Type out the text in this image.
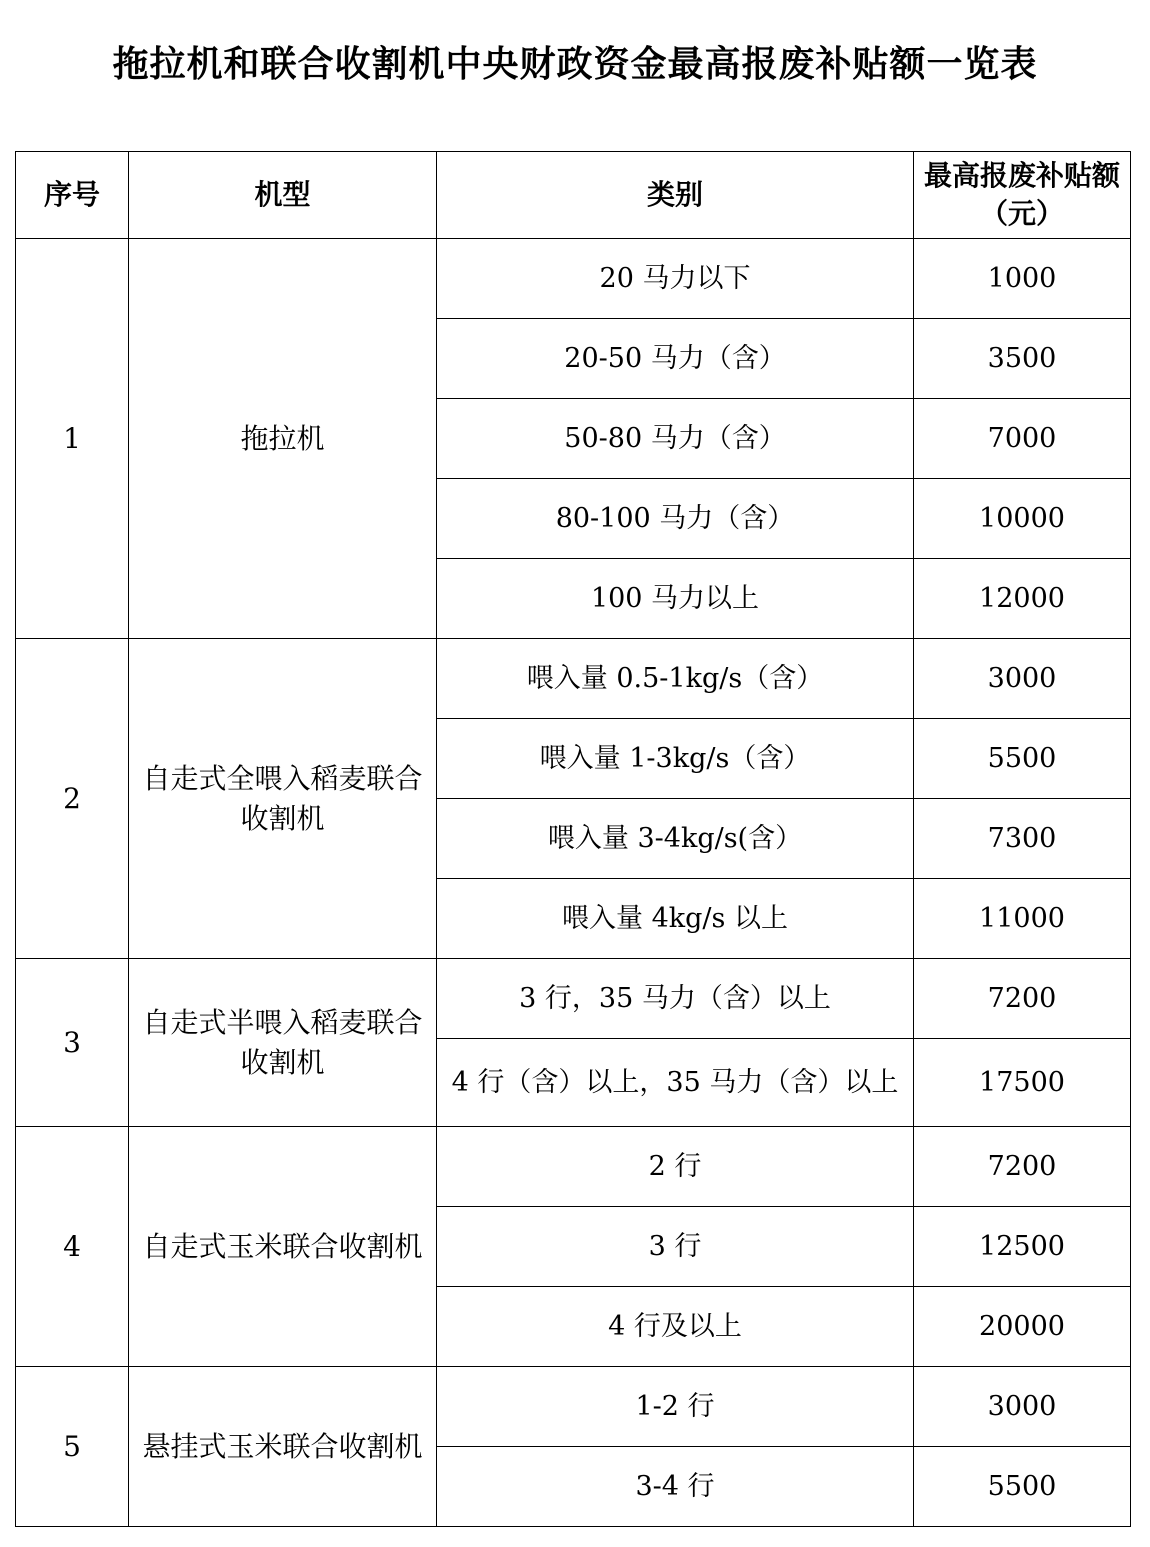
拖拉机和联合收割机中央财政资金最高报废补贴额一览表
序号	机型	类别	最高报废补贴额（元）
1	拖拉机	20 马力以下	1000
		20-50 马力（含）	3500
		50-80 马力（含）	7000
		80-100 马力（含）	10000
		100 马力以上	12000
2	自走式全喂入稻麦联合收割机	喂入量 0.5-1kg/s（含）	3000
		喂入量 1-3kg/s（含）	5500
		喂入量 3-4kg/s(含）	7300
		喂入量 4kg/s 以上	11000
3	自走式半喂入稻麦联合收割机	3 行，35 马力（含）以上	7200
		4 行（含）以上，35 马力（含）以上	17500
4	自走式玉米联合收割机	2 行	7200
		3 行	12500
		4 行及以上	20000
5	悬挂式玉米联合收割机	1-2 行	3000
		3-4 行	5500
